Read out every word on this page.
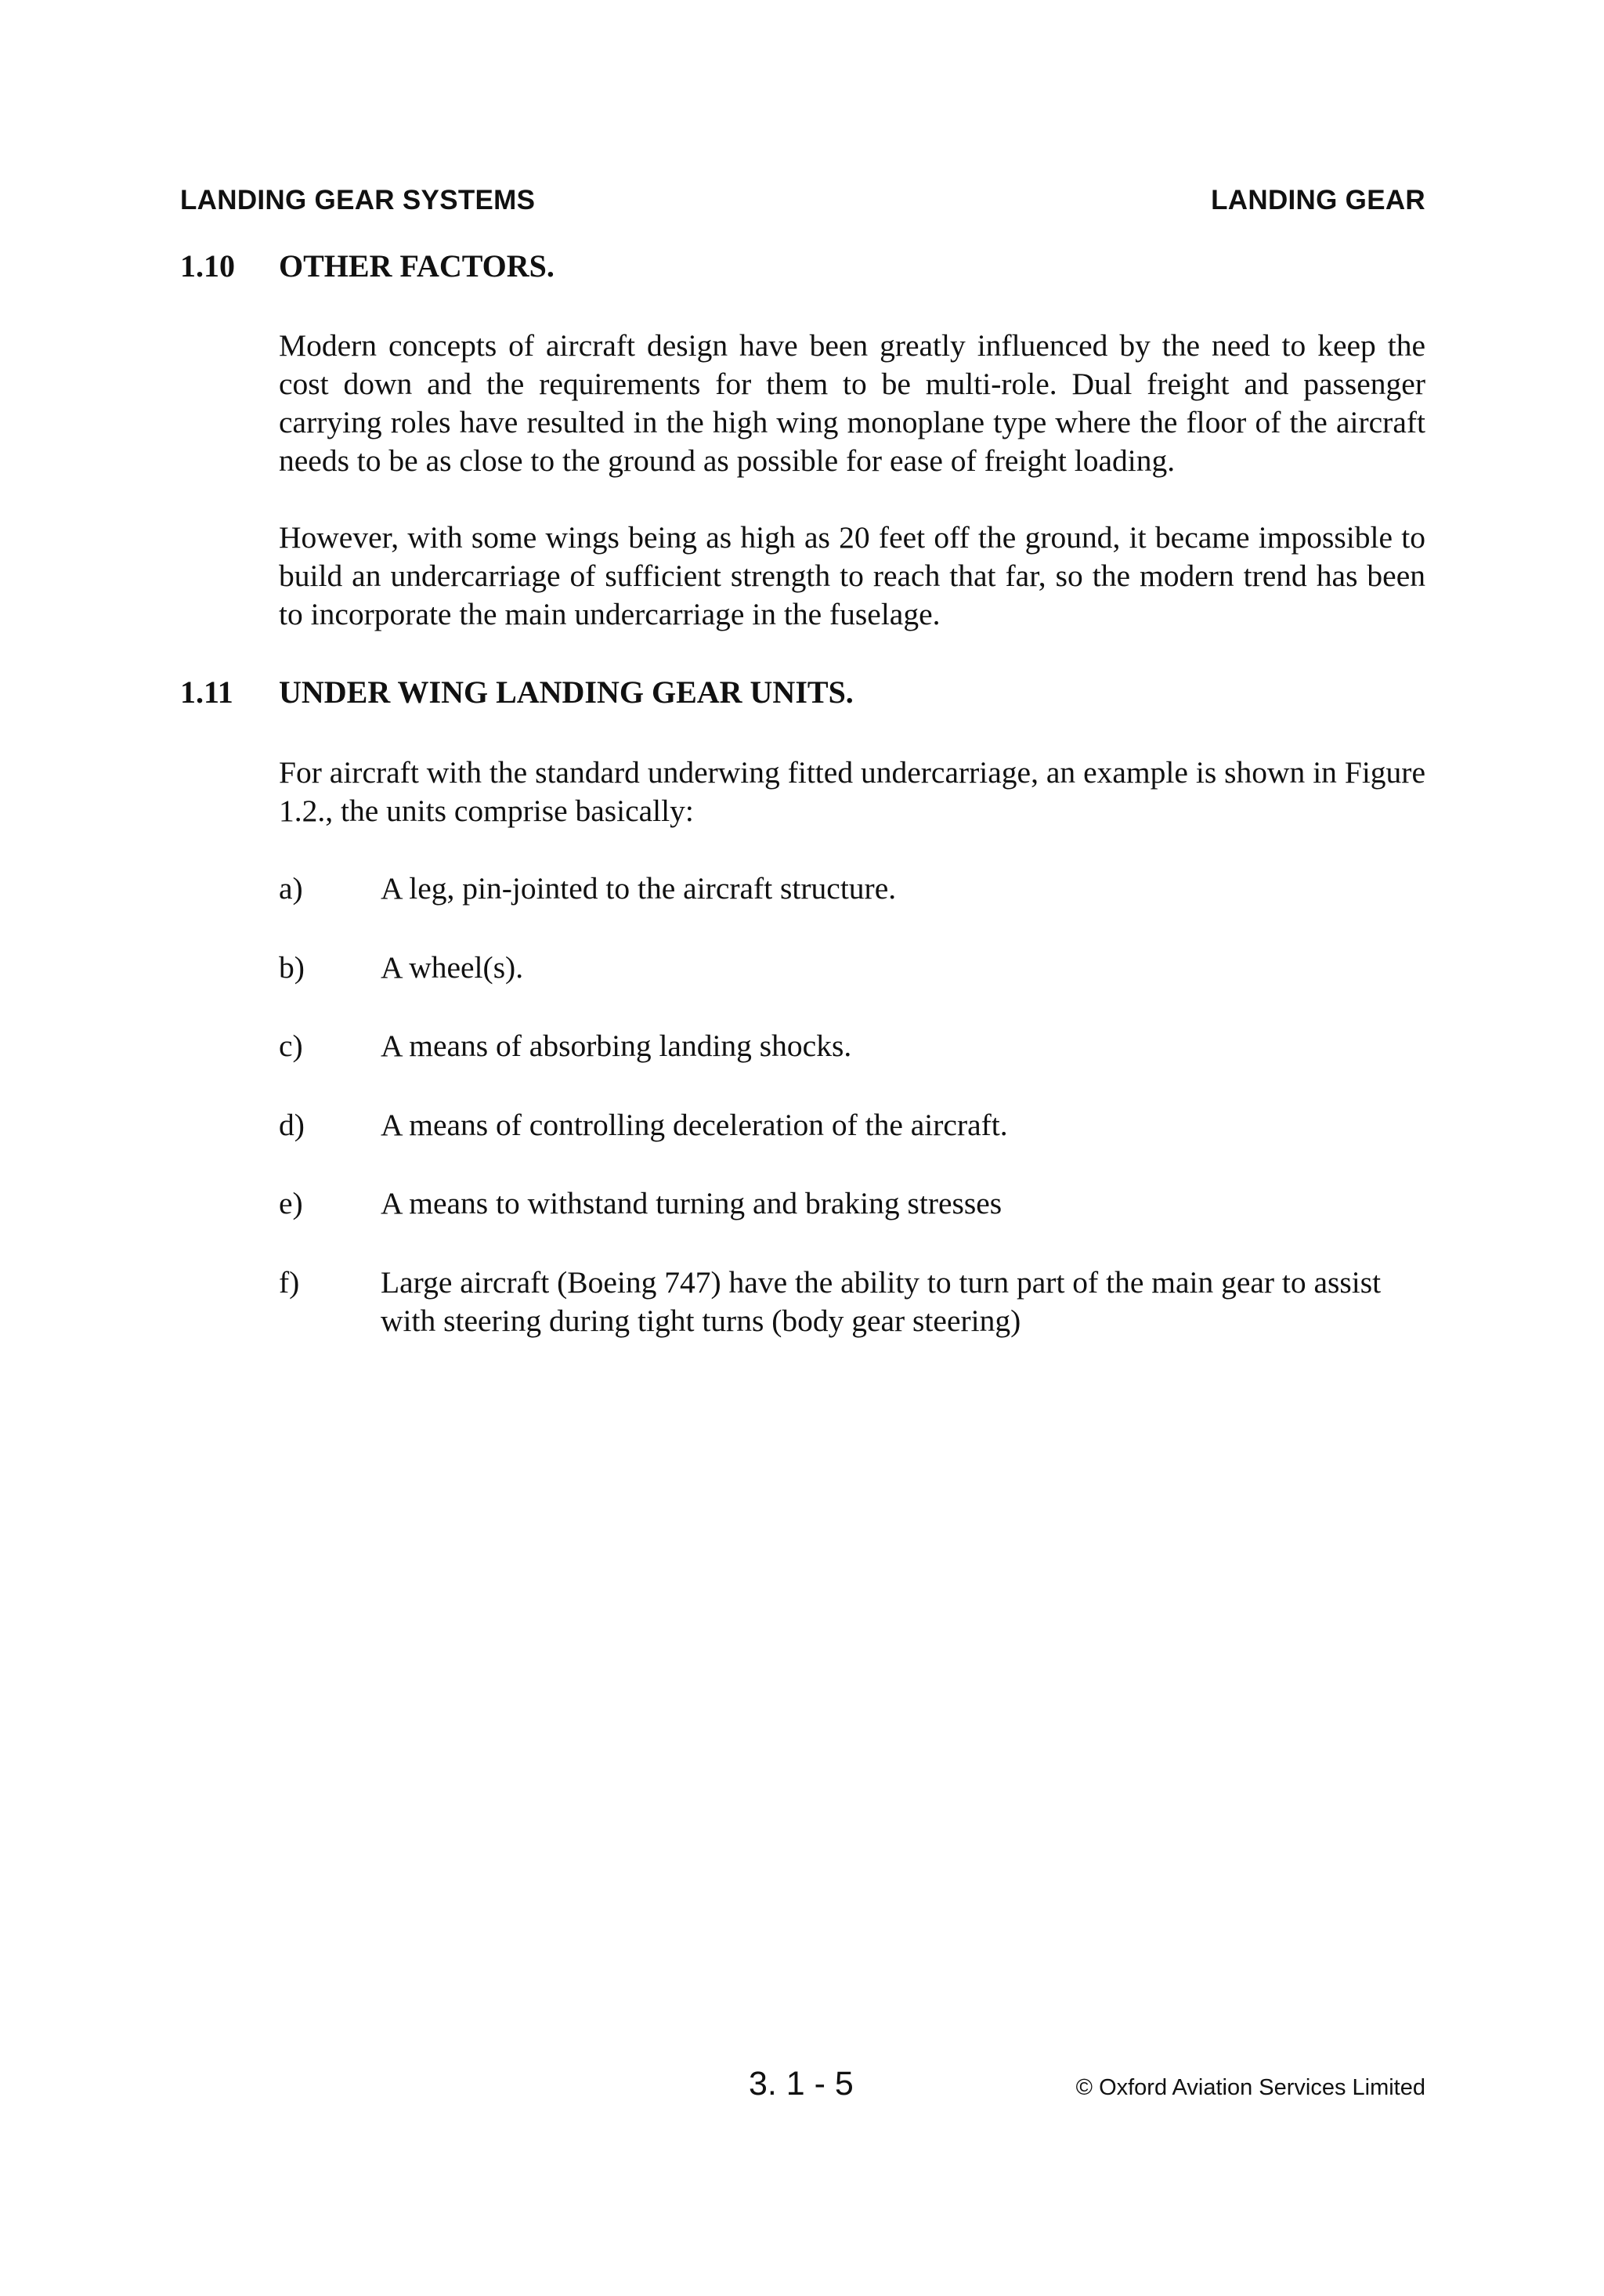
LANDING GEAR SYSTEMS	LANDING GEAR
1.10	OTHER FACTORS.

Modern concepts of aircraft design have been greatly influenced by the need to keep the cost down and the requirements for them to be multi-role. Dual freight and passenger carrying roles have resulted in the high wing monoplane type where the floor of the aircraft needs to be as close to the ground as possible for ease of freight loading.

However, with some wings being as high as 20 feet off the ground, it became impossible to build an undercarriage of sufficient strength to reach that far, so the modern trend has been to incorporate the main undercarriage in the fuselage.

1.11	UNDER WING LANDING GEAR UNITS.

For aircraft with the standard underwing fitted undercarriage, an example is shown in Figure 1.2., the units comprise basically:

a)	A leg, pin-jointed to the aircraft structure.
b)	A wheel(s).
c)	A means of absorbing landing shocks.
d)	A means of controlling deceleration of the aircraft.
e)	A means to withstand turning and braking stresses
f)	Large aircraft (Boeing 747) have the ability to turn part of the main gear to assist with steering during tight turns (body gear steering)
3. 1 - 5	© Oxford Aviation Services Limited
